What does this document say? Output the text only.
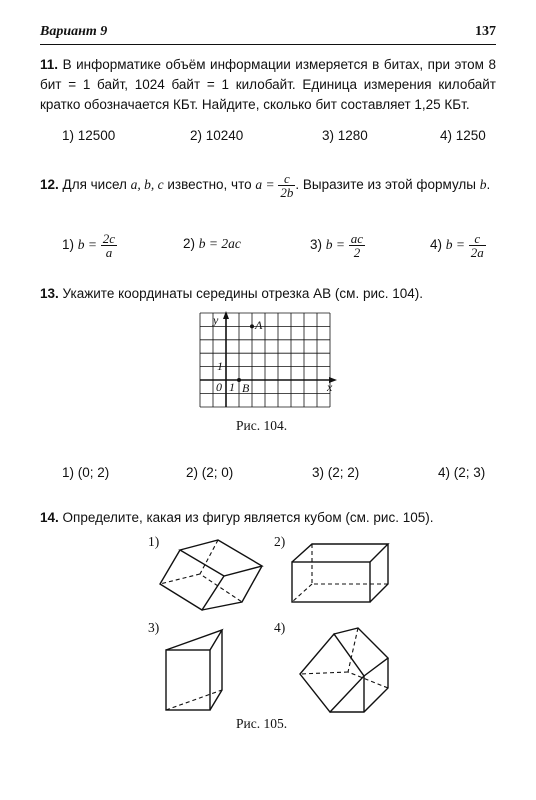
Вариант 9	137
11. В информатике объём информации измеряется в битах, при этом 8 бит = 1 байт, 1024 байт = 1 килобайт. Единица измерения килобайт кратко обозначается КБт. Найдите, сколько бит составляет 1,25 КБт.
1) 12500	2) 10240	3) 1280	4) 1250
12. Для чисел a, b, c известно, что $a = \frac{c}{2b}$ . Выразите из этой формулы b.
1) $b = \frac{2c}{a}$	2) b = 2ac	3) $b = \frac{ac}{2}$	4) $b = \frac{c}{2a}$
13. Укажите координаты середины отрезка AB (см. рис. 104).
y
x
A
B
0 1
1
Рис. 104.
1) (0; 2)	2) (2; 0)	3) (2; 2)	4) (2; 3)
14. Определите, какая из фигур является кубом (см. рис. 105).
1)	2)
3)	4)
Рис. 105.
